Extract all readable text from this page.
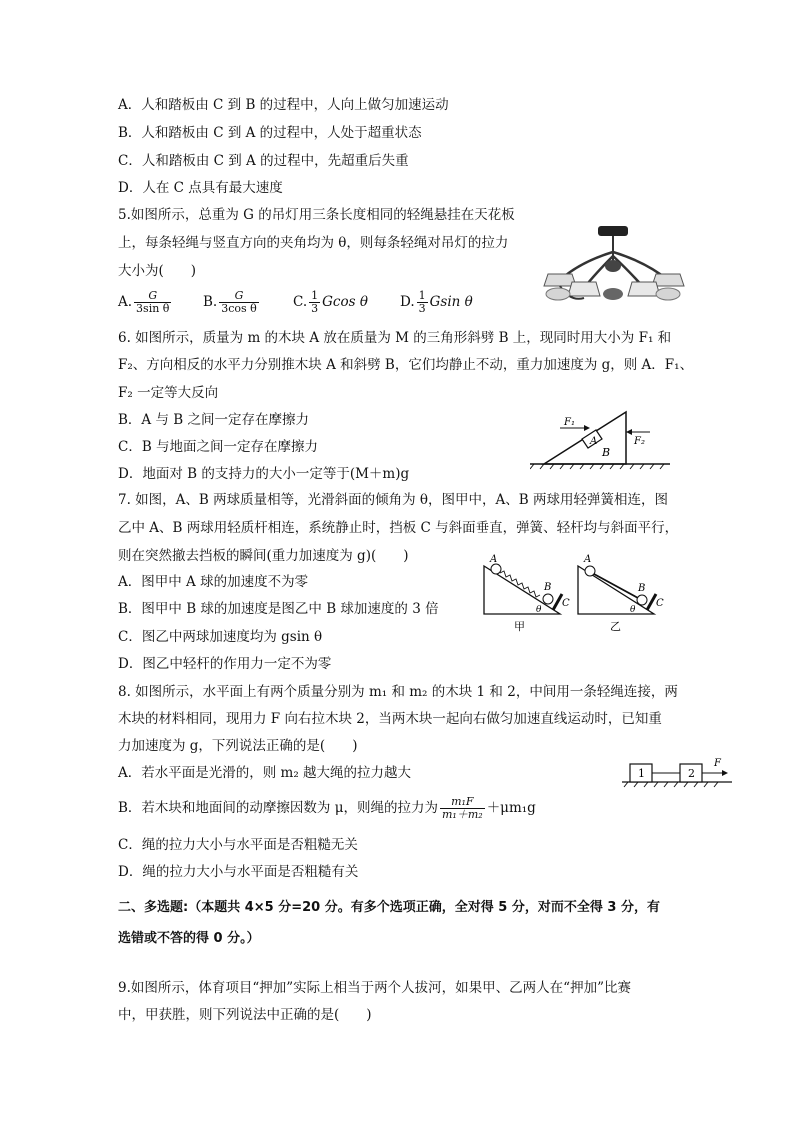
A．人和踏板由 C 到 B 的过程中，人向上做匀加速运动
B．人和踏板由 C 到 A 的过程中，人处于超重状态
C．人和踏板由 C 到 A 的过程中，先超重后失重
D．人在 C 点具有最大速度
5.如图所示，总重为 G 的吊灯用三条长度相同的轻绳悬挂在天花板
上，每条轻绳与竖直方向的夹角均为 θ，则每条轻绳对吊灯的拉力
大小为(　　)
A. $\frac{G}{\text{3sin θ}} B$. $\frac{G}{\text{3cos θ}}$	C. $\frac{1}{3}$ Gcos θ D. $\frac{1}{3}$ Gsin θ
6. 如图所示，质量为 m 的木块 A 放在质量为 M 的三角形斜劈 B 上，现同时用大小为 F₁ 和
F₂、方向相反的水平力分别推木块 A 和斜劈 B，它们均静止不动，重力加速度为 g，则 A．F₁、
F₂ 一定等大反向
B．A 与 B 之间一定存在摩擦力
C．B 与地面之间一定存在摩擦力
D．地面对 B 的支持力的大小一定等于(M＋m)g
F₁
F₂
A
B
7. 如图，A、B 两球质量相等，光滑斜面的倾角为 θ，图甲中，A、B 两球用轻弹簧相连，图
乙中 A、B 两球用轻质杆相连，系统静止时，挡板 C 与斜面垂直，弹簧、轻杆均与斜面平行，
则在突然撤去挡板的瞬间(重力加速度为 g)(　　)
A．图甲中 A 球的加速度不为零
B．图甲中 B 球的加速度是图乙中 B 球加速度的 3 倍
C．图乙中两球加速度均为 gsin θ
D．图乙中轻杆的作用力一定不为零
A
B
C
θ
甲
A
B
C
θ
乙
8. 如图所示，水平面上有两个质量分别为 m₁ 和 m₂ 的木块 1 和 2，中间用一条轻绳连接，两
木块的材料相同，现用力 F 向右拉木块 2，当两木块一起向右做匀加速直线运动时，已知重
力加速度为 g，下列说法正确的是(　　)
A．若水平面是光滑的，则 m₂ 越大绳的拉力越大
B．若木块和地面间的动摩擦因数为 μ，则绳的拉力为 $\frac{\text{m₁F}}{\text{m₁＋m₂}} +\mu m_1g$
C．绳的拉力大小与水平面是否粗糙无关
D．绳的拉力大小与水平面是否粗糙有关
1	2
F
二、多选题:（本题共 4×5 分=20 分。有多个选项正确，全对得 5 分，对而不全得 3 分，有
选错或不答的得 0 分。）
9.如图所示，体育项目“押加”实际上相当于两个人拔河，如果甲、乙两人在“押加”比赛
中，甲获胜，则下列说法中正确的是(　　)
